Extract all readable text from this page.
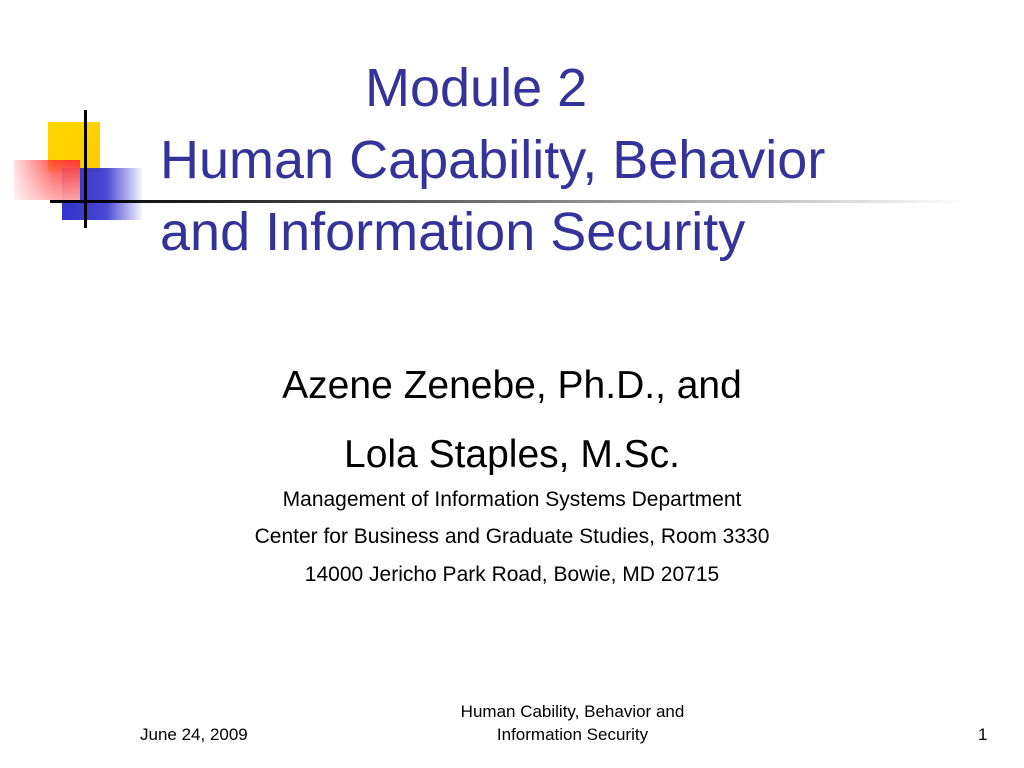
Module 2
Human Capability, Behavior
and Information Security
Azene Zenebe, Ph.D., and
Lola Staples, M.Sc.
Management of Information Systems Department
Center for Business and Graduate Studies, Room 3330
14000 Jericho Park Road, Bowie, MD 20715
June 24, 2009
Human Cability, Behavior and
Information Security	1
